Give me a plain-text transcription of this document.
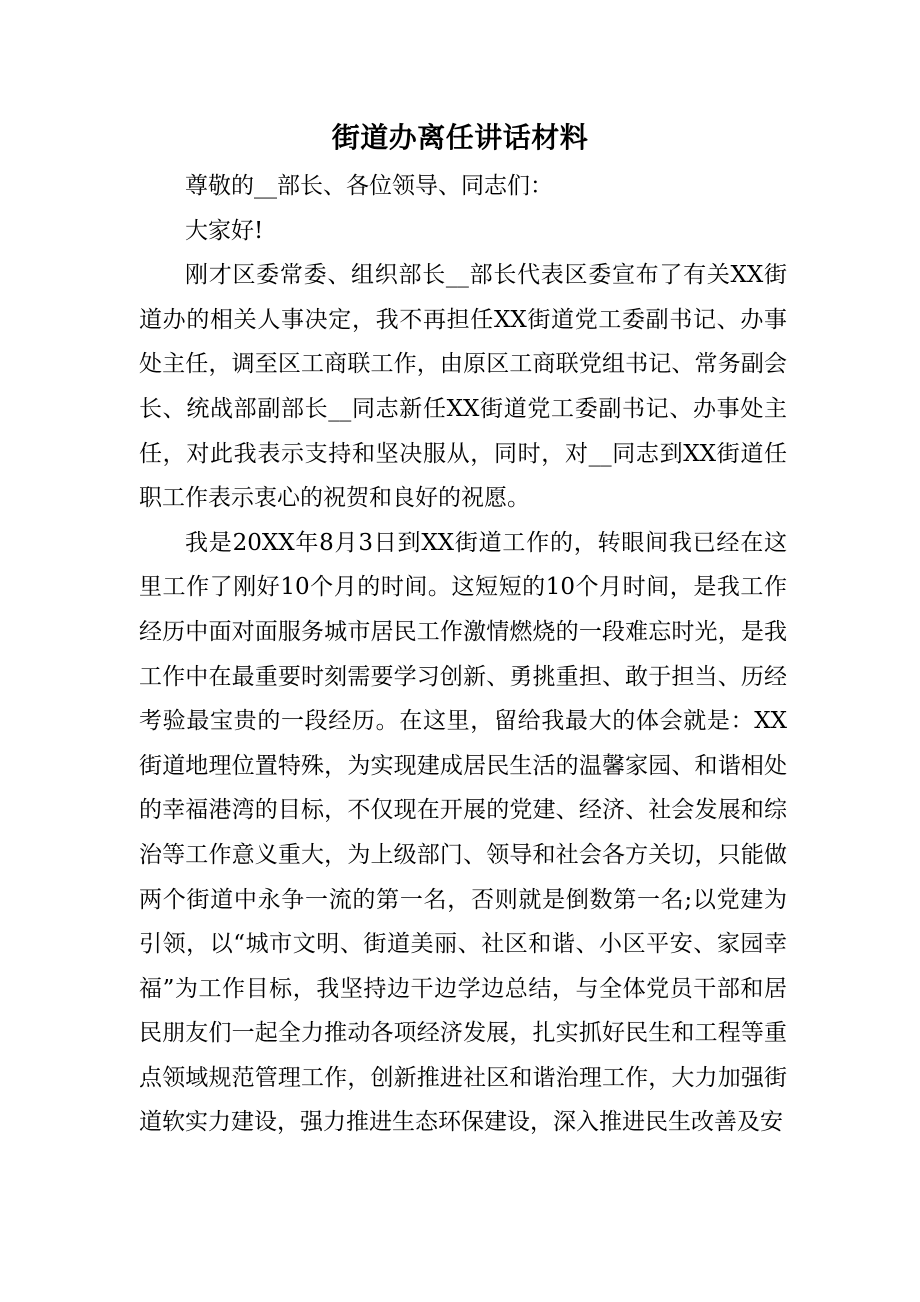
街道办离任讲话材料

尊敬的__部长、各位领导、同志们：

大家好!

刚才区委常委、组织部长__部长代表区委宣布了有关XX街道办的相关人事决定，我不再担任XX街道党工委副书记、办事处主任，调至区工商联工作，由原区工商联党组书记、常务副会长、统战部副部长__同志新任XX街道党工委副书记、办事处主任，对此我表示支持和坚决服从，同时，对__同志到XX街道任职工作表示衷心的祝贺和良好的祝愿。

我是20XX年8月3日到XX街道工作的，转眼间我已经在这里工作了刚好10个月的时间。这短短的10个月时间，是我工作经历中面对面服务城市居民工作激情燃烧的一段难忘时光，是我工作中在最重要时刻需要学习创新、勇挑重担、敢于担当、历经考验最宝贵的一段经历。在这里，留给我最大的体会就是：XX街道地理位置特殊，为实现建成居民生活的温馨家园、和谐相处的幸福港湾的目标，不仅现在开展的党建、经济、社会发展和综治等工作意义重大，为上级部门、领导和社会各方关切，只能做两个街道中永争一流的第一名，否则就是倒数第一名;以党建为引领，以“城市文明、街道美丽、社区和谐、小区平安、家园幸福”为工作目标，我坚持边干边学边总结，与全体党员干部和居民朋友们一起全力推动各项经济发展，扎实抓好民生和工程等重点领域规范管理工作，创新推进社区和谐治理工作，大力加强街道软实力建设，强力推进生态环保建设，深入推进民生改善及安
